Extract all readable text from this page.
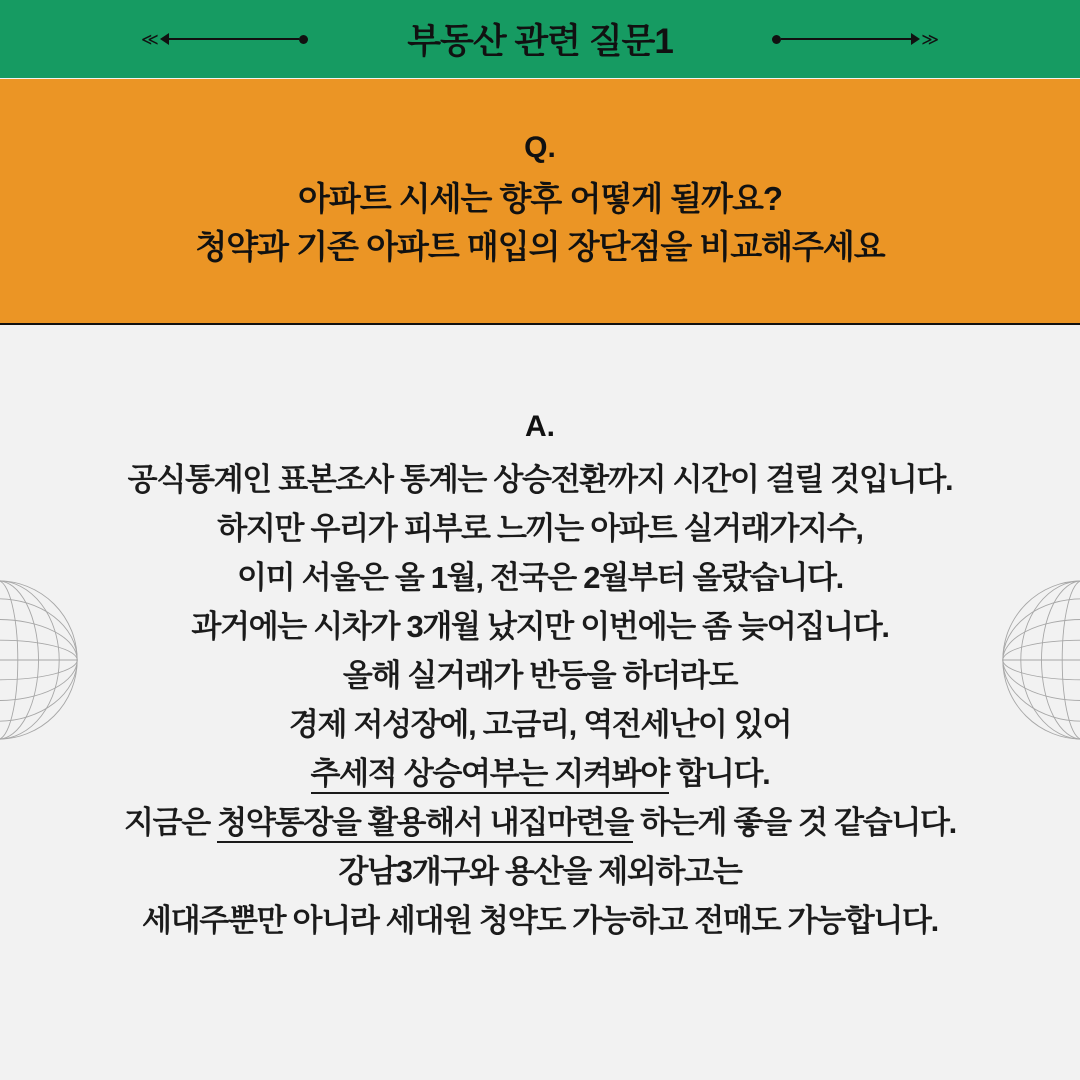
≪	부동산 관련 질문1	≫
Q.
아파트 시세는 향후 어떻게 될까요?
청약과 기존 아파트 매입의 장단점을 비교해주세요
A.
공식통계인 표본조사 통계는 상승전환까지 시간이 걸릴 것입니다.
하지만 우리가 피부로 느끼는 아파트 실거래가지수,
이미 서울은 올 1월, 전국은 2월부터 올랐습니다.
과거에는 시차가 3개월 났지만 이번에는 좀 늦어집니다.
올해 실거래가 반등을 하더라도
경제 저성장에, 고금리, 역전세난이 있어
추세적 상승여부는 지켜봐야 합니다.
지금은 청약통장을 활용해서 내집마련을 하는게 좋을 것 같습니다.
강남3개구와 용산을 제외하고는
세대주뿐만 아니라 세대원 청약도 가능하고 전매도 가능합니다.
